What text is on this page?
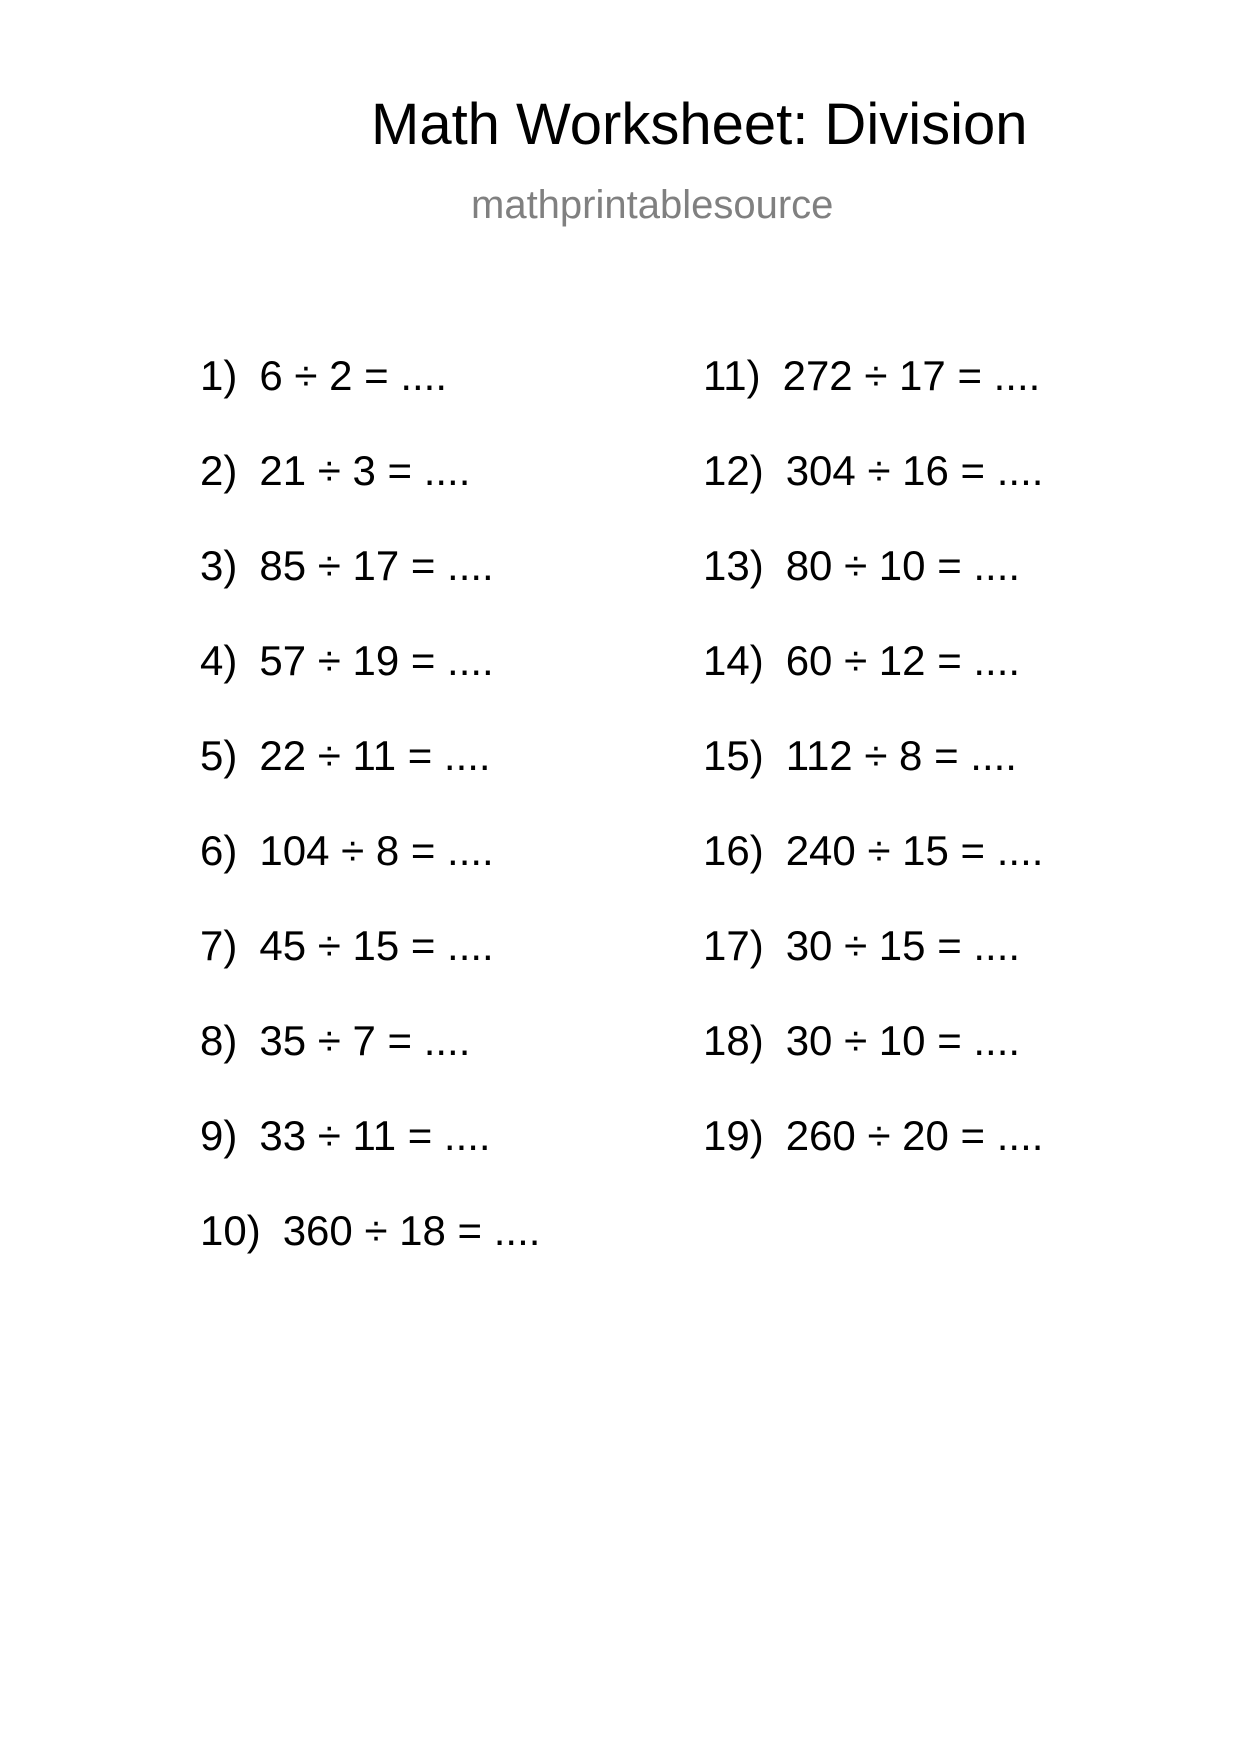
Math Worksheet: Division
mathprintablesource
1) 6 ÷ 2 = ....
2) 21 ÷ 3 = ....
3) 85 ÷ 17 = ....
4) 57 ÷ 19 = ....
5) 22 ÷ 11 = ....
6) 104 ÷ 8 = ....
7) 45 ÷ 15 = ....
8) 35 ÷ 7 = ....
9) 33 ÷ 11 = ....
10) 360 ÷ 18 = ....
11) 272 ÷ 17 = ....
12) 304 ÷ 16 = ....
13) 80 ÷ 10 = ....
14) 60 ÷ 12 = ....
15) 112 ÷ 8 = ....
16) 240 ÷ 15 = ....
17) 30 ÷ 15 = ....
18) 30 ÷ 10 = ....
19) 260 ÷ 20 = ....
